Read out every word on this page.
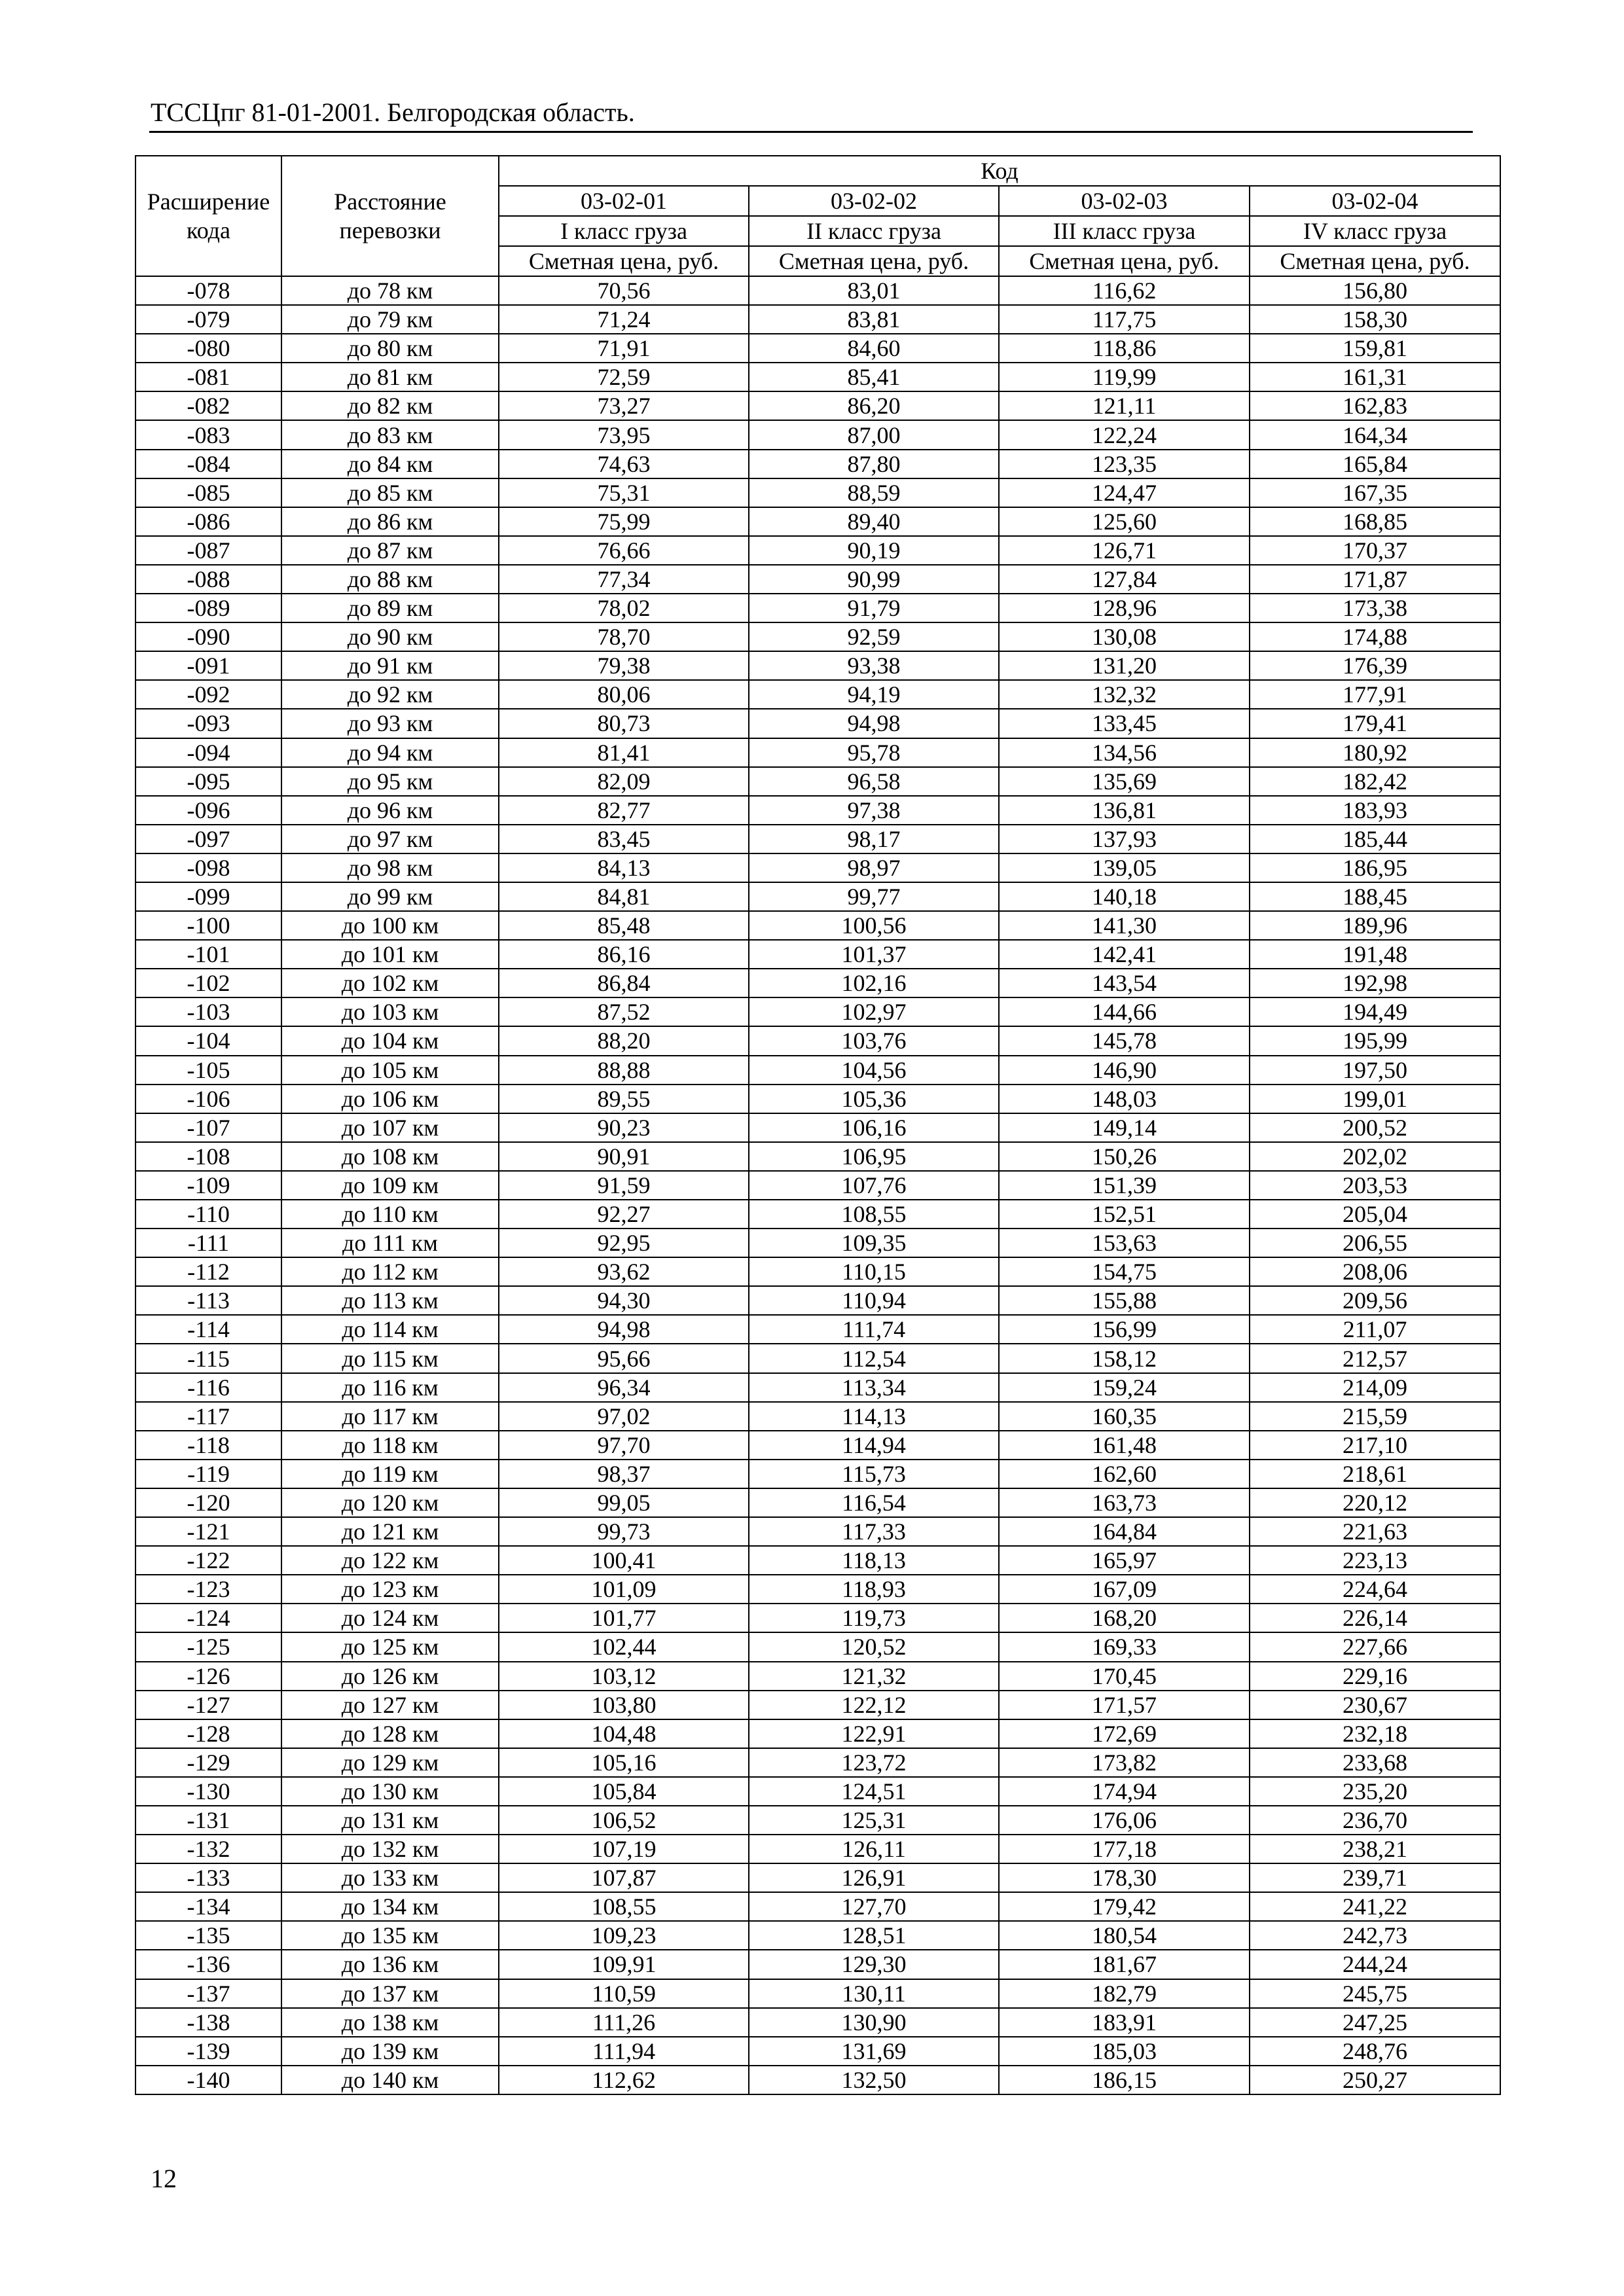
ТССЦпг 81-01-2001. Белгородская область.
Расширение кода	Расстояние перевозки	Код			
		03-02-01	03-02-02	03-02-03	03-02-04
		I класс груза	II класс груза	III класс груза	IV класс груза
		Сметная цена, руб.	Сметная цена, руб.	Сметная цена, руб.	Сметная цена, руб.
-078	до 78 км	70,56	83,01	116,62	156,80
-079	до 79 км	71,24	83,81	117,75	158,30
-080	до 80 км	71,91	84,60	118,86	159,81
-081	до 81 км	72,59	85,41	119,99	161,31
-082	до 82 км	73,27	86,20	121,11	162,83
-083	до 83 км	73,95	87,00	122,24	164,34
-084	до 84 км	74,63	87,80	123,35	165,84
-085	до 85 км	75,31	88,59	124,47	167,35
-086	до 86 км	75,99	89,40	125,60	168,85
-087	до 87 км	76,66	90,19	126,71	170,37
-088	до 88 км	77,34	90,99	127,84	171,87
-089	до 89 км	78,02	91,79	128,96	173,38
-090	до 90 км	78,70	92,59	130,08	174,88
-091	до 91 км	79,38	93,38	131,20	176,39
-092	до 92 км	80,06	94,19	132,32	177,91
-093	до 93 км	80,73	94,98	133,45	179,41
-094	до 94 км	81,41	95,78	134,56	180,92
-095	до 95 км	82,09	96,58	135,69	182,42
-096	до 96 км	82,77	97,38	136,81	183,93
-097	до 97 км	83,45	98,17	137,93	185,44
-098	до 98 км	84,13	98,97	139,05	186,95
-099	до 99 км	84,81	99,77	140,18	188,45
-100	до 100 км	85,48	100,56	141,30	189,96
-101	до 101 км	86,16	101,37	142,41	191,48
-102	до 102 км	86,84	102,16	143,54	192,98
-103	до 103 км	87,52	102,97	144,66	194,49
-104	до 104 км	88,20	103,76	145,78	195,99
-105	до 105 км	88,88	104,56	146,90	197,50
-106	до 106 км	89,55	105,36	148,03	199,01
-107	до 107 км	90,23	106,16	149,14	200,52
-108	до 108 км	90,91	106,95	150,26	202,02
-109	до 109 км	91,59	107,76	151,39	203,53
-110	до 110 км	92,27	108,55	152,51	205,04
-111	до 111 км	92,95	109,35	153,63	206,55
-112	до 112 км	93,62	110,15	154,75	208,06
-113	до 113 км	94,30	110,94	155,88	209,56
-114	до 114 км	94,98	111,74	156,99	211,07
-115	до 115 км	95,66	112,54	158,12	212,57
-116	до 116 км	96,34	113,34	159,24	214,09
-117	до 117 км	97,02	114,13	160,35	215,59
-118	до 118 км	97,70	114,94	161,48	217,10
-119	до 119 км	98,37	115,73	162,60	218,61
-120	до 120 км	99,05	116,54	163,73	220,12
-121	до 121 км	99,73	117,33	164,84	221,63
-122	до 122 км	100,41	118,13	165,97	223,13
-123	до 123 км	101,09	118,93	167,09	224,64
-124	до 124 км	101,77	119,73	168,20	226,14
-125	до 125 км	102,44	120,52	169,33	227,66
-126	до 126 км	103,12	121,32	170,45	229,16
-127	до 127 км	103,80	122,12	171,57	230,67
-128	до 128 км	104,48	122,91	172,69	232,18
-129	до 129 км	105,16	123,72	173,82	233,68
-130	до 130 км	105,84	124,51	174,94	235,20
-131	до 131 км	106,52	125,31	176,06	236,70
-132	до 132 км	107,19	126,11	177,18	238,21
-133	до 133 км	107,87	126,91	178,30	239,71
-134	до 134 км	108,55	127,70	179,42	241,22
-135	до 135 км	109,23	128,51	180,54	242,73
-136	до 136 км	109,91	129,30	181,67	244,24
-137	до 137 км	110,59	130,11	182,79	245,75
-138	до 138 км	111,26	130,90	183,91	247,25
-139	до 139 км	111,94	131,69	185,03	248,76
-140	до 140 км	112,62	132,50	186,15	250,27
12
